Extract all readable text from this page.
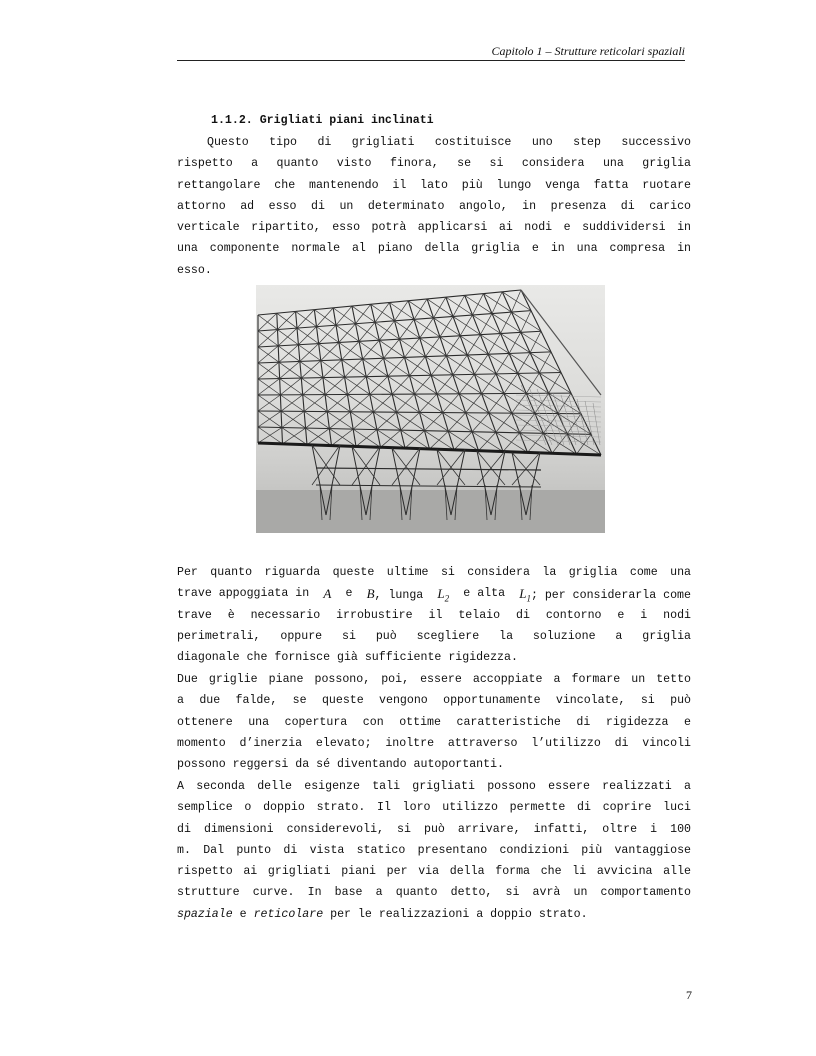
Capitolo 1 – Strutture reticolari spaziali
1.1.2. Grigliati piani inclinati
Questo tipo di grigliati costituisce uno step successivo
rispetto a quanto visto finora, se si considera una griglia
rettangolare che mantenendo il lato più lungo venga fatta ruotare
attorno ad esso di un determinato angolo, in presenza di carico
verticale ripartito, esso potrà applicarsi ai nodi e suddividersi in
una componente normale al piano della griglia e in una compresa in
esso.
Per quanto riguarda queste ultime si considera la griglia come una
trave appoggiata in A e B, lunga $L_2$ e alta $L_1$; per considerarla come
trave è necessario irrobustire il telaio di contorno e i nodi
perimetrali, oppure si può scegliere la soluzione a griglia
diagonale che fornisce già sufficiente rigidezza.
Due griglie piane possono, poi, essere accoppiate a formare un tetto
a due falde, se queste vengono opportunamente vincolate, si può
ottenere una copertura con ottime caratteristiche di rigidezza e
momento d’inerzia elevato; inoltre attraverso l’utilizzo di vincoli
possono reggersi da sé diventando autoportanti.
A seconda delle esigenze tali grigliati possono essere realizzati a
semplice o doppio strato. Il loro utilizzo permette di coprire luci
di dimensioni considerevoli, si può arrivare, infatti, oltre i 100
m. Dal punto di vista statico presentano condizioni più vantaggiose
rispetto ai grigliati piani per via della forma che li avvicina alle
strutture curve. In base a quanto detto, si avrà un comportamento
spaziale e reticolare per le realizzazioni a doppio strato.
7
